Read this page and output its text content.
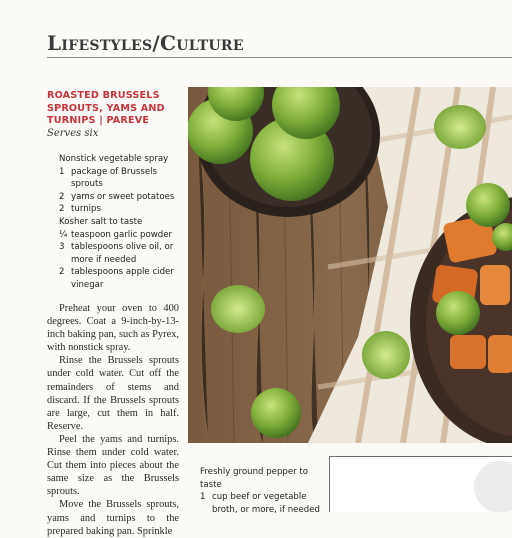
Lifestyles/Culture
ROASTED BRUSSELS SPROUTS, YAMS AND TURNIPS | PAREVE
Serves six
Nonstick vegetable spray
1 package of Brussels sprouts
2 yams or sweet potatoes
2 turnips
Kosher salt to taste
¼ teaspoon garlic powder
3 tablespoons olive oil, or more if needed
2 tablespoons apple cider vinegar

Preheat your oven to 400 degrees. Coat a 9-inch-by-13-inch baking pan, such as Pyrex, with nonstick spray.

Rinse the Brussels sprouts under cold water. Cut off the remainders of stems and discard. If the Brussels sprouts are large, cut them in half. Reserve.

Peel the yams and turnips. Rinse them under cold water. Cut them into pieces about the same size as the Brussels sprouts.

Move the Brussels sprouts, yams and turnips to the prepared baking pan. Sprinkle

Freshly ground pepper to taste
1 cup beef or vegetable broth, or more, if needed
